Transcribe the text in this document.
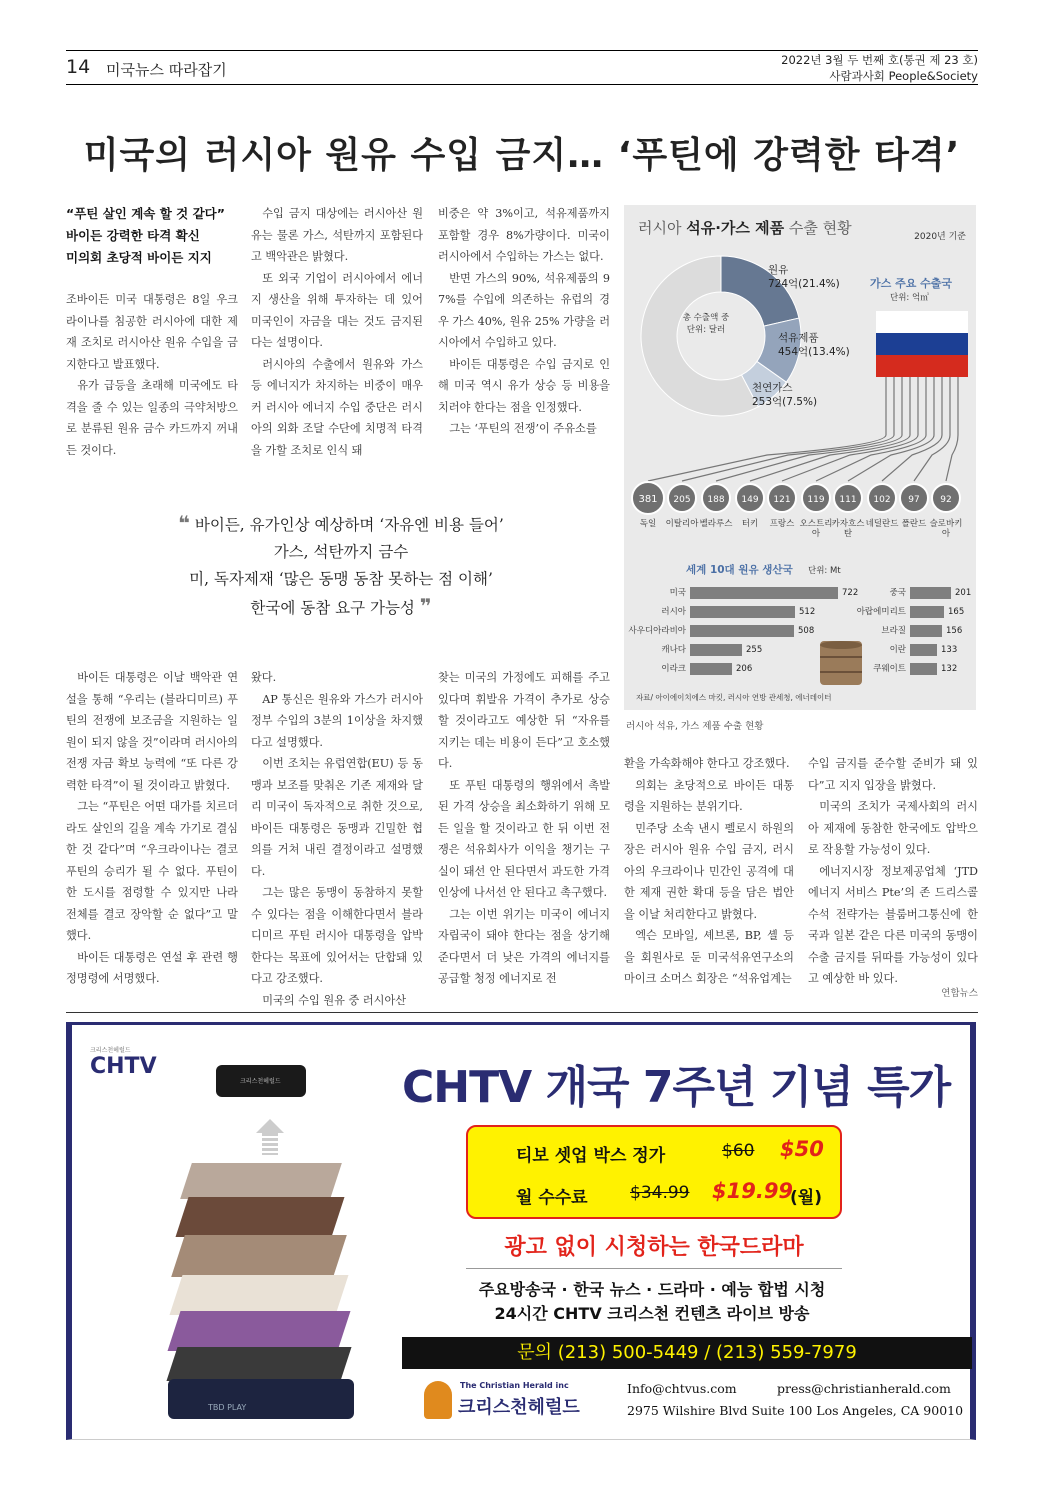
14 미국뉴스 따라잡기
2022년 3월 두 번째 호(통권 제 23 호)
사람과사회 People&Society
미국의 러시아 원유 수입 금지… ‘푸틴에 강력한 타격’
“푸틴 살인 계속 할 것 같다”
바이든 강력한 타격 확신
미의회 초당적 바이든 지지

조바이든 미국 대통령은 8일 우크라이나를 침공한 러시아에 대한 제재 조치로 러시아산 원유 수입을 금지한다고 발표했다.

유가 급등을 초래해 미국에도 타격을 줄 수 있는 일종의 극약처방으로 분류된 원유 금수 카드까지 꺼내든 것이다.

수입 금지 대상에는 러시아산 원유는 물론 가스, 석탄까지 포함된다고 백악관은 밝혔다.

또 외국 기업이 러시아에서 에너지 생산을 위해 투자하는 데 있어 미국인이 자금을 대는 것도 금지된다는 설명이다.

러시아의 수출에서 원유와 가스 등 에너지가 차지하는 비중이 매우 커 러시아 에너지 수입 중단은 러시아의 외화 조달 수단에 치명적 타격을 가할 조치로 인식 돼

비중은 약 3%이고, 석유제품까지 포함할 경우 8%가량이다. 미국이 러시아에서 수입하는 가스는 없다.

반면 가스의 90%, 석유제품의 97%를 수입에 의존하는 유럽의 경우 가스 40%, 원유 25% 가량을 러시아에서 수입하고 있다.

바이든 대통령은 수입 금지로 인해 미국 역시 유가 상승 등 비용을 치러야 한다는 점을 인정했다.

그는 ‘푸틴의 전쟁’이 주유소를

❝ 바이든, 유가인상 예상하며 ‘자유엔 비용 들어’
가스, 석탄까지 금수
미, 독자제재 ‘많은 동맹 동참 못하는 점 이해’
한국에 동참 요구 가능성 ❞
러시아 석유·가스 제품 수출 현황	2020년 기준
총 수출액 중
단위: 달러
원유
724억(21.4%)
석유제품
454억(13.4%)
천연가스
253억(7.5%)
가스 주요 수출국
단위: 억㎥
381
독일
205
이탈리아
188
벨라루스
149
터키
121
프랑스
119
오스트리아
111
카자흐스탄
102
네덜란드
97
폴란드
92
슬로바키아
세계 10대 원유 생산국 단위: Mt
미국	722
러시아	512
사우디아라비아	508
캐나다	255
이라크	206
중국	201
아랍에미리트	165
브라질	156
이란	133
쿠웨이트	132
자료/ 아이에이치에스 마킷, 러시아 연방 관세청, 에너데이터
러시아 석유, 가스 제품 수출 현황

바이든 대통령은 이날 백악관 연설을 통해 “우리는 (블라디미르) 푸틴의 전쟁에 보조금을 지원하는 일원이 되지 않을 것”이라며 러시아의 전쟁 자금 확보 능력에 “또 다른 강력한 타격”이 될 것이라고 밝혔다.

그는 “푸틴은 어떤 대가를 치르더라도 살인의 길을 계속 가기로 결심한 것 같다”며 “우크라이나는 결코 푸틴의 승리가 될 수 없다. 푸틴이 한 도시를 점령할 수 있지만 나라 전체를 결코 장악할 순 없다”고 말했다.

바이든 대통령은 연설 후 관련 행정명령에 서명했다.

왔다.

AP 통신은 원유와 가스가 러시아 정부 수입의 3분의 1이상을 차지했다고 설명했다.

이번 조치는 유럽연합(EU) 등 동맹과 보조를 맞춰온 기존 제재와 달리 미국이 독자적으로 취한 것으로, 바이든 대통령은 동맹과 긴밀한 협의를 거쳐 내린 결정이라고 설명했다.

그는 많은 동맹이 동참하지 못할 수 있다는 점을 이해한다면서 블라디미르 푸틴 러시아 대통령을 압박한다는 목표에 있어서는 단합돼 있다고 강조했다.

미국의 수입 원유 중 러시아산

찾는 미국의 가정에도 피해를 주고 있다며 휘발유 가격이 추가로 상승할 것이라고도 예상한 뒤 “자유를 지키는 데는 비용이 든다”고 호소했다.

또 푸틴 대통령의 행위에서 촉발된 가격 상승을 최소화하기 위해 모든 일을 할 것이라고 한 뒤 이번 전쟁은 석유회사가 이익을 챙기는 구실이 돼선 안 된다면서 과도한 가격 인상에 나서선 안 된다고 촉구했다.

그는 이번 위기는 미국이 에너지 자립국이 돼야 한다는 점을 상기해준다면서 더 낮은 가격의 에너지를 공급할 청정 에너지로 전

환을 가속화해야 한다고 강조했다.

의회는 초당적으로 바이든 대통령을 지원하는 분위기다.

민주당 소속 낸시 펠로시 하원의장은 러시아 원유 수입 금지, 러시아의 우크라이나 민간인 공격에 대한 제재 권한 확대 등을 담은 법안을 이날 처리한다고 밝혔다.

엑슨 모바일, 셰브론, BP, 셸 등을 회원사로 둔 미국석유연구소의 마이크 소머스 회장은 “석유업계는

수입 금지를 준수할 준비가 돼 있다”고 지지 입장을 밝혔다.

미국의 조치가 국제사회의 러시아 제재에 동참한 한국에도 압박으로 작용할 가능성이 있다.

에너지시장 정보제공업체 ‘JTD 에너지 서비스 Pte’의 존 드리스콜 수석 전략가는 블룸버그통신에 한국과 일본 같은 다른 미국의 동맹이 수출 금지를 뒤따를 가능성이 있다고 예상한 바 있다.

연합뉴스
크리스천헤럴드
CHTV
크리스천헤럴드
TBD PLAY
CHTV 개국 7주년 기념 특가
티보 셋업 박스 정가	$60 $50
월 수수료 $34.99 $19.99
(월)
광고 없이 시청하는 한국드라마
주요방송국 · 한국 뉴스 · 드라마 · 예능 합법 시청
24시간 CHTV 크리스천 컨텐츠 라이브 방송
문의 (213) 500-5449 / (213) 559-7979
The Christian Herald inc
크리스천헤럴드
Info@chtvus.com	press@christianherald.com
2975 Wilshire Blvd Suite 100 Los Angeles, CA 90010
